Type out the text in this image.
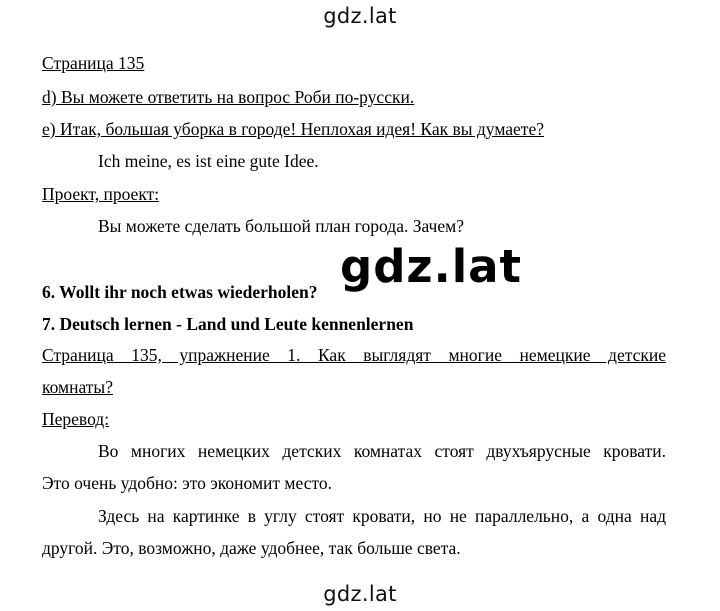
gdz.lat
Страница 135
d) Вы можете ответить на вопрос Роби по-русски.
e) Итак, большая уборка в городе! Неплохая идея! Как вы думаете?
Ich meine, es ist eine gute Idee.
Проект, проект:
Вы можете сделать большой план города. Зачем?
gdz.lat
6. Wollt ihr noch etwas wiederholen?
7. Deutsch lernen - Land und Leute kennenlernen
Страница 135, упражнение 1. Как выглядят многие немецкие детские
комнаты?
Перевод:
Во многих немецких детских комнатах стоят двухъярусные кровати.
Это очень удобно: это экономит место.
Здесь на картинке в углу стоят кровати, но не параллельно, а одна над
другой. Это, возможно, даже удобнее, так больше света.
gdz.lat
